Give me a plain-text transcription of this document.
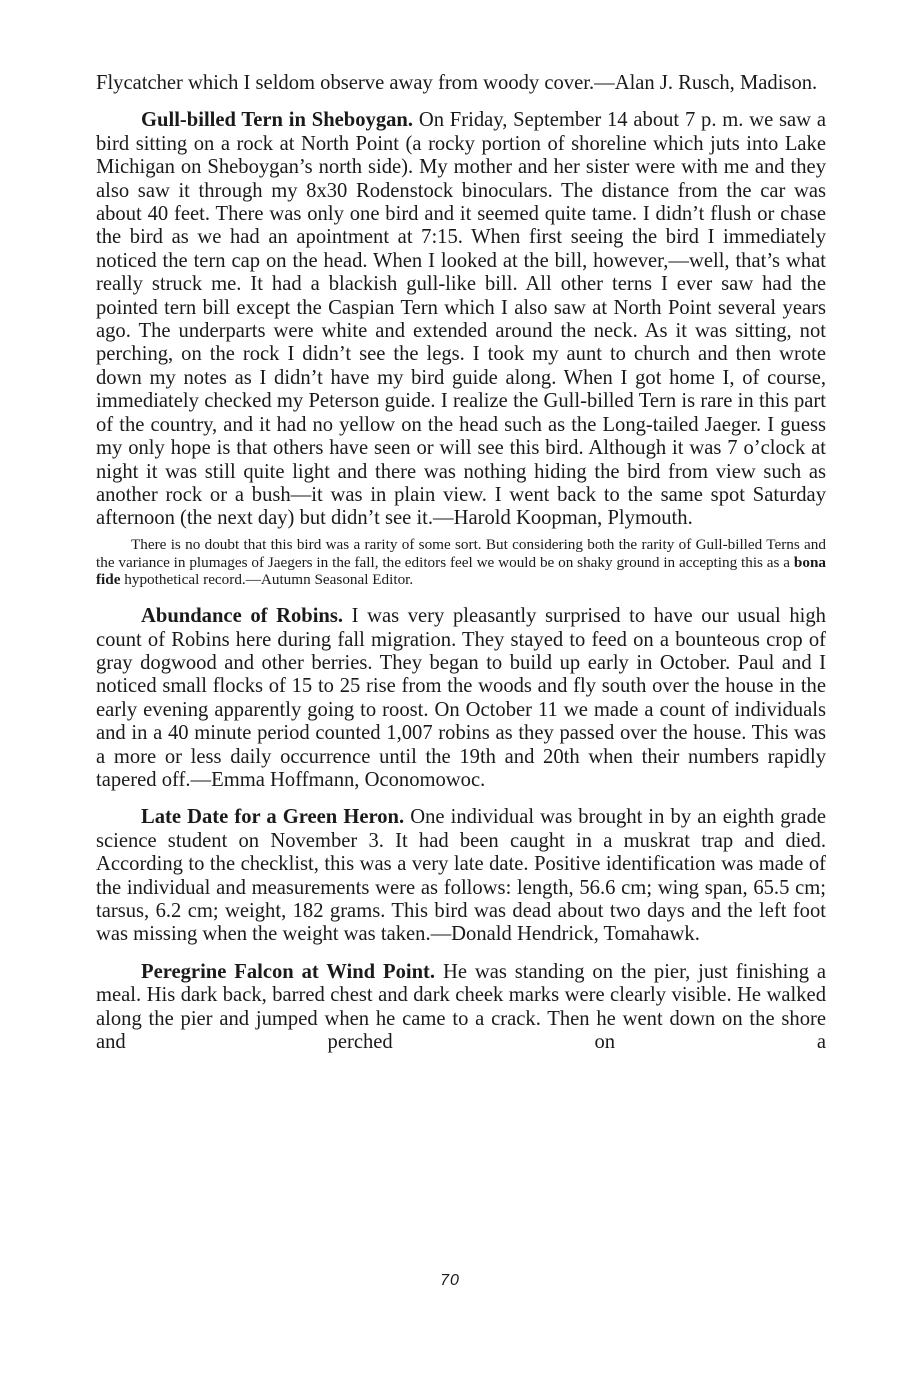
Flycatcher which I seldom observe away from woody cover.—Alan J. Rusch, Madison.

Gull-billed Tern in Sheboygan. On Friday, September 14 about 7 p. m. we saw a bird sitting on a rock at North Point (a rocky portion of shoreline which juts into Lake Michigan on Sheboygan’s north side). My mother and her sister were with me and they also saw it through my 8x30 Rodenstock binoculars. The distance from the car was about 40 feet. There was only one bird and it seemed quite tame. I didn’t flush or chase the bird as we had an apointment at 7:15. When first seeing the bird I immediately noticed the tern cap on the head. When I looked at the bill, however,—well, that’s what really struck me. It had a blackish gull-like bill. All other terns I ever saw had the pointed tern bill except the Caspian Tern which I also saw at North Point several years ago. The underparts were white and extended around the neck. As it was sitting, not perching, on the rock I didn’t see the legs. I took my aunt to church and then wrote down my notes as I didn’t have my bird guide along. When I got home I, of course, immediately checked my Peterson guide. I realize the Gull-billed Tern is rare in this part of the country, and it had no yellow on the head such as the Long-tailed Jaeger. I guess my only hope is that others have seen or will see this bird. Although it was 7 o’clock at night it was still quite light and there was nothing hiding the bird from view such as another rock or a bush—it was in plain view. I went back to the same spot Saturday afternoon (the next day) but didn’t see it.—Harold Koopman, Plymouth.

There is no doubt that this bird was a rarity of some sort. But considering both the rarity of Gull-billed Terns and the variance in plumages of Jaegers in the fall, the editors feel we would be on shaky ground in accepting this as a bona fide hypothetical record.—Autumn Seasonal Editor.

Abundance of Robins. I was very pleasantly surprised to have our usual high count of Robins here during fall migration. They stayed to feed on a bounteous crop of gray dogwood and other berries. They began to build up early in October. Paul and I noticed small flocks of 15 to 25 rise from the woods and fly south over the house in the early evening apparently going to roost. On October 11 we made a count of individuals and in a 40 minute period counted 1,007 robins as they passed over the house. This was a more or less daily occurrence until the 19th and 20th when their numbers rapidly tapered off.—Emma Hoffmann, Oconomowoc.

Late Date for a Green Heron. One individual was brought in by an eighth grade science student on November 3. It had been caught in a muskrat trap and died. According to the checklist, this was a very late date. Positive identification was made of the individual and measurements were as follows: length, 56.6 cm; wing span, 65.5 cm; tarsus, 6.2 cm; weight, 182 grams. This bird was dead about two days and the left foot was missing when the weight was taken.—Donald Hendrick, Tomahawk.

Peregrine Falcon at Wind Point. He was standing on the pier, just finishing a meal. His dark back, barred chest and dark cheek marks were clearly visible. He walked along the pier and jumped when he came to a crack. Then he went down on the shore and perched on a

70
